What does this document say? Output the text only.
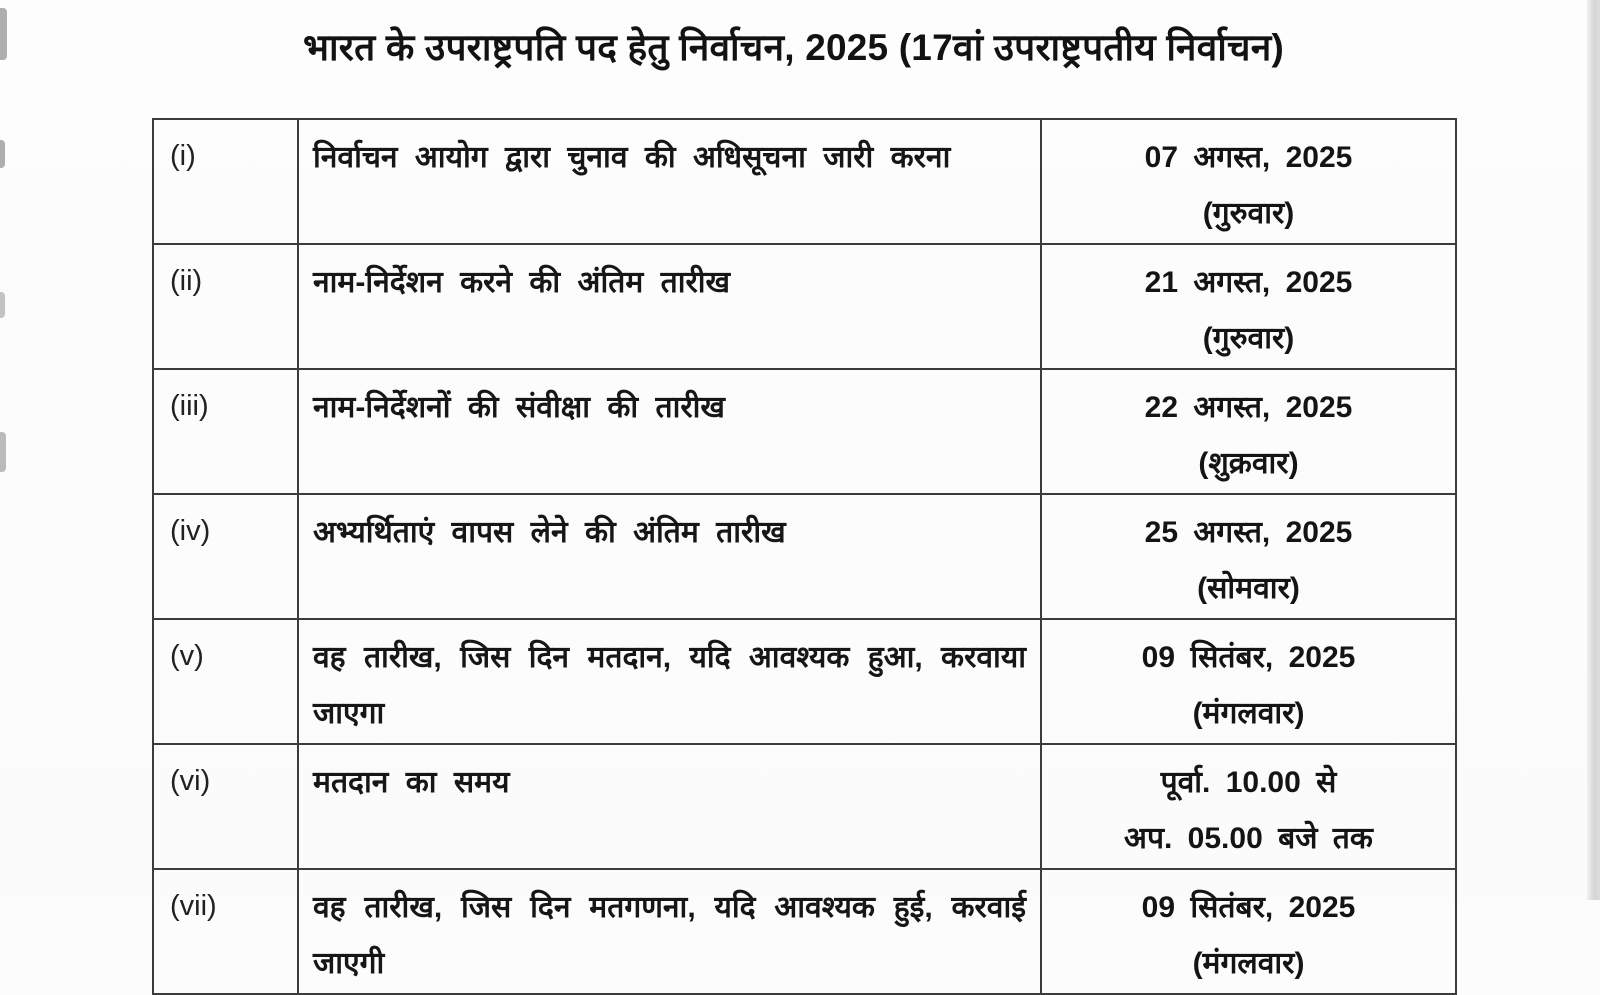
भारत के उपराष्ट्रपति पद हेतु निर्वाचन, 2025 (17वां उपराष्ट्रपतीय निर्वाचन)
(i)	निर्वाचन आयोग द्वारा चुनाव की अधिसूचना जारी करना	07 अगस्त, 2025
(गुरुवार)

(ii)	नाम-निर्देशन करने की अंतिम तारीख	21 अगस्त, 2025
(गुरुवार)

(iii)	नाम-निर्देशनों की संवीक्षा की तारीख	22 अगस्त, 2025
(शुक्रवार)

(iv)	अभ्यर्थिताएं वापस लेने की अंतिम तारीख	25 अगस्त, 2025
(सोमवार)

(v)	वह तारीख, जिस दिन मतदान, यदि आवश्यक हुआ, करवाया जाएगा	09 सितंबर, 2025
(मंगलवार)

(vi)	मतदान का समय	पूर्वा. 10.00 से
अप. 05.00 बजे तक

(vii)	वह तारीख, जिस दिन मतगणना, यदि आवश्यक हुई, करवाई जाएगी	09 सितंबर, 2025
(मंगलवार)
